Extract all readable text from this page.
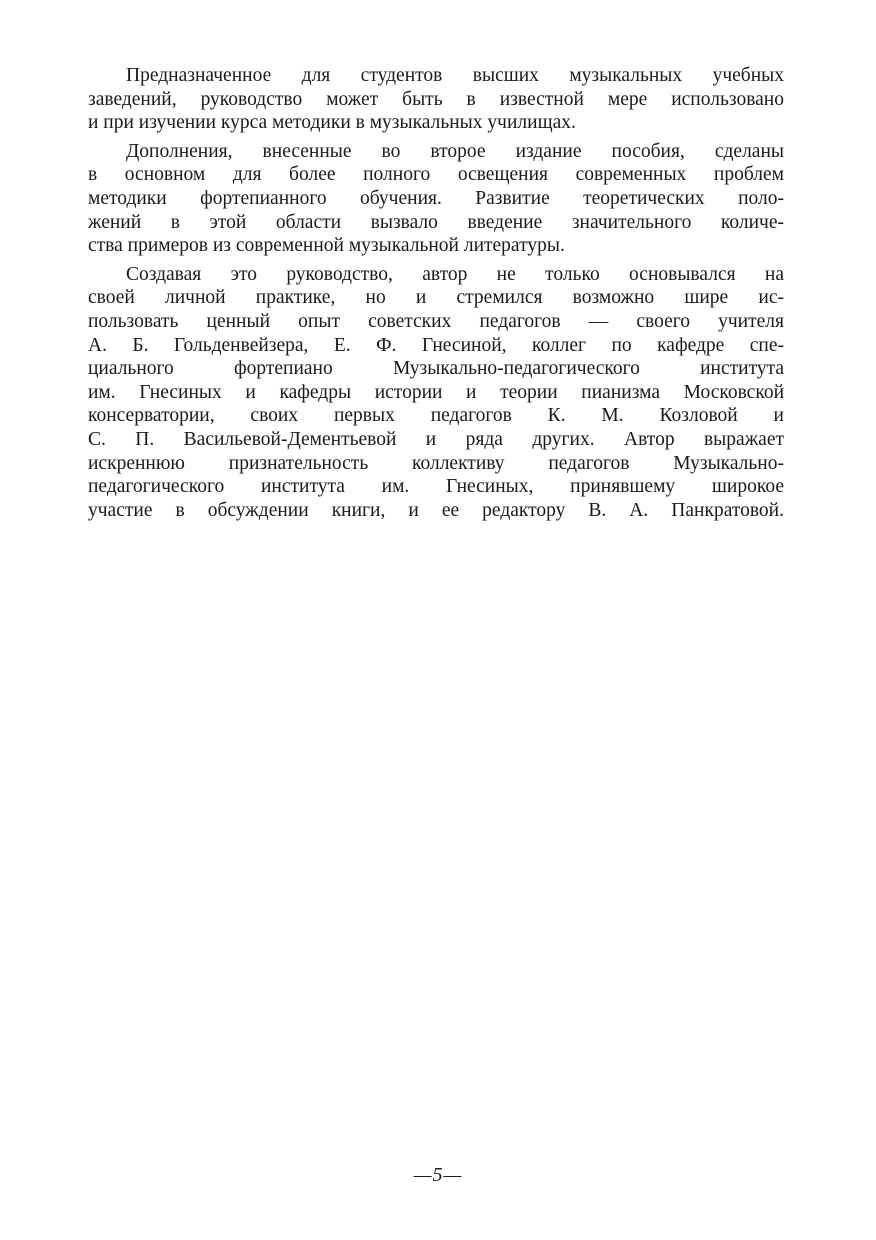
Предназначенное для студентов высших музыкальных учебных
заведений, руководство может быть в известной мере использовано
и при изучении курса методики в музыкальных училищах.
Дополнения, внесенные во второе издание пособия, сделаны
в основном для более полного освещения современных проблем
методики фортепианного обучения. Развитие теоретических поло-
жений в этой области вызвало введение значительного количе-
ства примеров из современной музыкальной литературы.
Создавая это руководство, автор не только основывался на
своей личной практике, но и стремился возможно шире ис-
пользовать ценный опыт советских педагогов — своего учителя
А. Б. Гольденвейзера, Е. Ф. Гнесиной, коллег по кафедре спе-
циального фортепиано Музыкально-педагогического института
им. Гнесиных и кафедры истории и теории пианизма Московской
консерватории, своих первых педагогов К. М. Козловой и
С. П. Васильевой-Дементьевой и ряда других. Автор выражает
искреннюю признательность коллективу педагогов Музыкально-
педагогического института им. Гнесиных, принявшему широкое
участие в обсуждении книги, и ее редактору В. А. Панкратовой.
—5—
